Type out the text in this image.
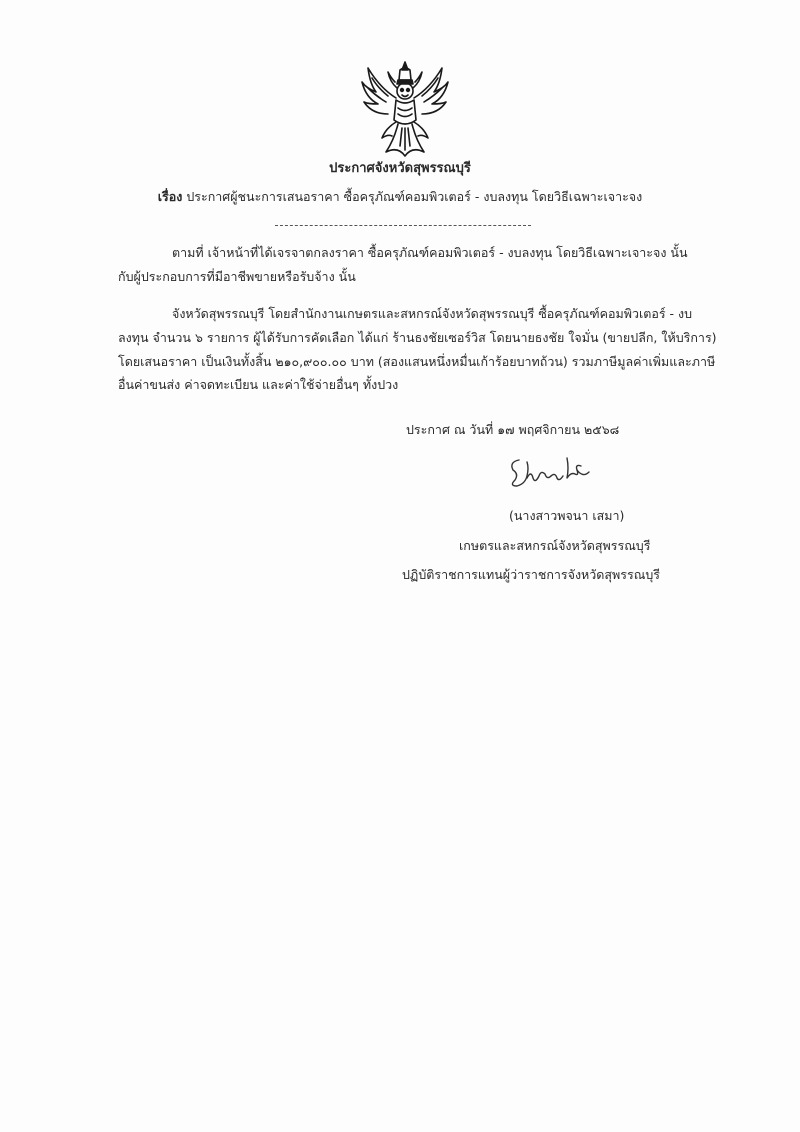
ประกาศจังหวัดสุพรรณบุรี
เรื่อง ประกาศผู้ชนะการเสนอราคา ซื้อครุภัณฑ์คอมพิวเตอร์ - งบลงทุน โดยวิธีเฉพาะเจาะจง
ตามที่ เจ้าหน้าที่ได้เจรจาตกลงราคา ซื้อครุภัณฑ์คอมพิวเตอร์ - งบลงทุน โดยวิธีเฉพาะเจาะจง นั้น
กับผู้ประกอบการที่มีอาชีพขายหรือรับจ้าง นั้น
จังหวัดสุพรรณบุรี โดยสำนักงานเกษตรและสหกรณ์จังหวัดสุพรรณบุรี ซื้อครุภัณฑ์คอมพิวเตอร์ - งบ
ลงทุน จำนวน ๖ รายการ ผู้ได้รับการคัดเลือก ได้แก่ ร้านธงชัยเซอร์วิส โดยนายธงชัย ใจมั่น (ขายปลีก, ให้บริการ)
โดยเสนอราคา เป็นเงินทั้งสิ้น ๒๑๐,๙๐๐.๐๐ บาท (สองแสนหนึ่งหมื่นเก้าร้อยบาทถ้วน) รวมภาษีมูลค่าเพิ่มและภาษี
อื่นค่าขนส่ง ค่าจดทะเบียน และค่าใช้จ่ายอื่นๆ ทั้งปวง
ประกาศ ณ วันที่ ๑๗ พฤศจิกายน ๒๕๖๘
(นางสาวพจนา เสมา)
เกษตรและสหกรณ์จังหวัดสุพรรณบุรี
ปฏิบัติราชการแทนผู้ว่าราชการจังหวัดสุพรรณบุรี
